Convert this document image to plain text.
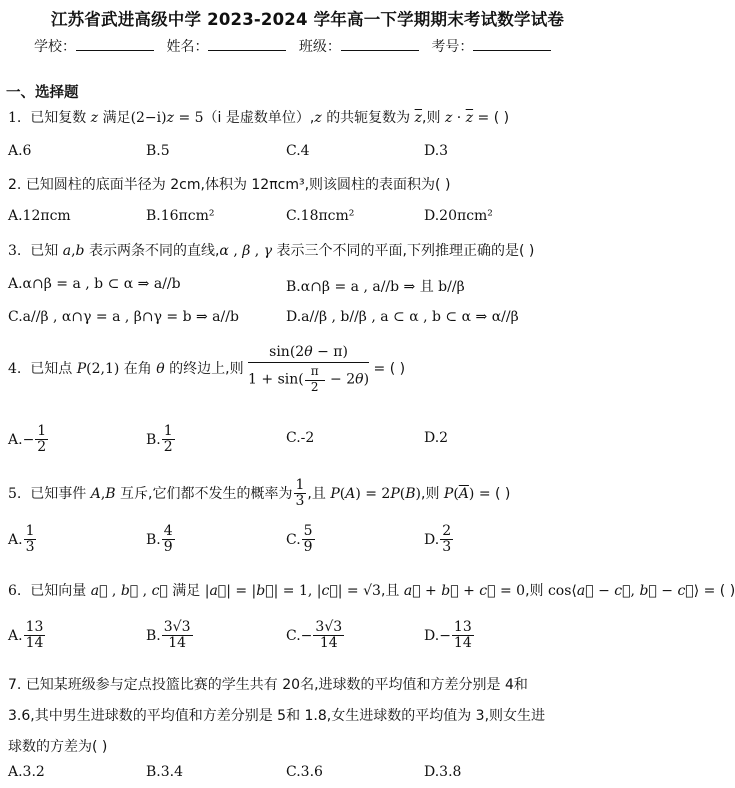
江苏省武进高级中学 2023-2024 学年高一下学期期末考试数学试卷
学校：	姓名：	班级：	考号：
一、选择题
1.  已知复数 z 满足(2−i)z = 5（i 是虚数单位）,z 的共轭复数为 $\overline{z}$,则 $z \cdot \overline{z}$ = ( )
A.6	B.5	C.4	D.3
2. 已知圆柱的底面半径为 2cm,体积为 12πcm³,则该圆柱的表面积为( )
A.12πcm	B.16πcm²	C.18πcm²	D.20πcm²
3.  已知 a,b 表示两条不同的直线,α , β , γ 表示三个不同的平面,下列推理正确的是( )
A.α∩β = a , b ⊂ α ⇒ a//b	B.α∩β = a , a//b ⇒ 且 b//β
C.a//β , α∩γ = a , β∩γ = b ⇒ a//b	D.a//β , b//β , a ⊂ α , b ⊂ α ⇒ α//β
4.  已知点 P(2,1) 在角 θ 的终边上,则 $\frac{\sin(2\theta - \pi)}{1 + \sin( \frac{\pi}{2} - 2\theta)}$ = ( )
$A.- \frac{1}{2}$	B. $\frac{1}{2}$	C.-2	D.2
5.  已知事件 A,B 互斥,它们都不发生的概率为 $\frac{1}{3}$ ,且 P(A) = 2P(B),则 $P(\overline{A})$ = ( )
A. $\frac{1}{3}$	B. $\frac{4}{9}$	C. $\frac{5}{9}$	D. $\frac{2}{3}$
6.  已知向量 a⃗ , b⃗ , c⃗ 满足 |a⃗| = |b⃗| = 1, |c⃗| = √3,且 a⃗ + b⃗ + c⃗ = 0,则 cos⟨a⃗ − c⃗, b⃗ − c⃗⟩ = ( )
A. $\frac{13}{14}$	B. $\frac{3√3}{14}$	$C.- \frac{3√3}{14}$	$D.- \frac{13}{14}$
7. 已知某班级参与定点投篮比赛的学生共有 20名,进球数的平均值和方差分别是 4和
3.6,其中男生进球数的平均值和方差分别是 5和 1.8,女生进球数的平均值为 3,则女生进
球数的方差为( )
A.3.2	B.3.4	C.3.6	D.3.8
